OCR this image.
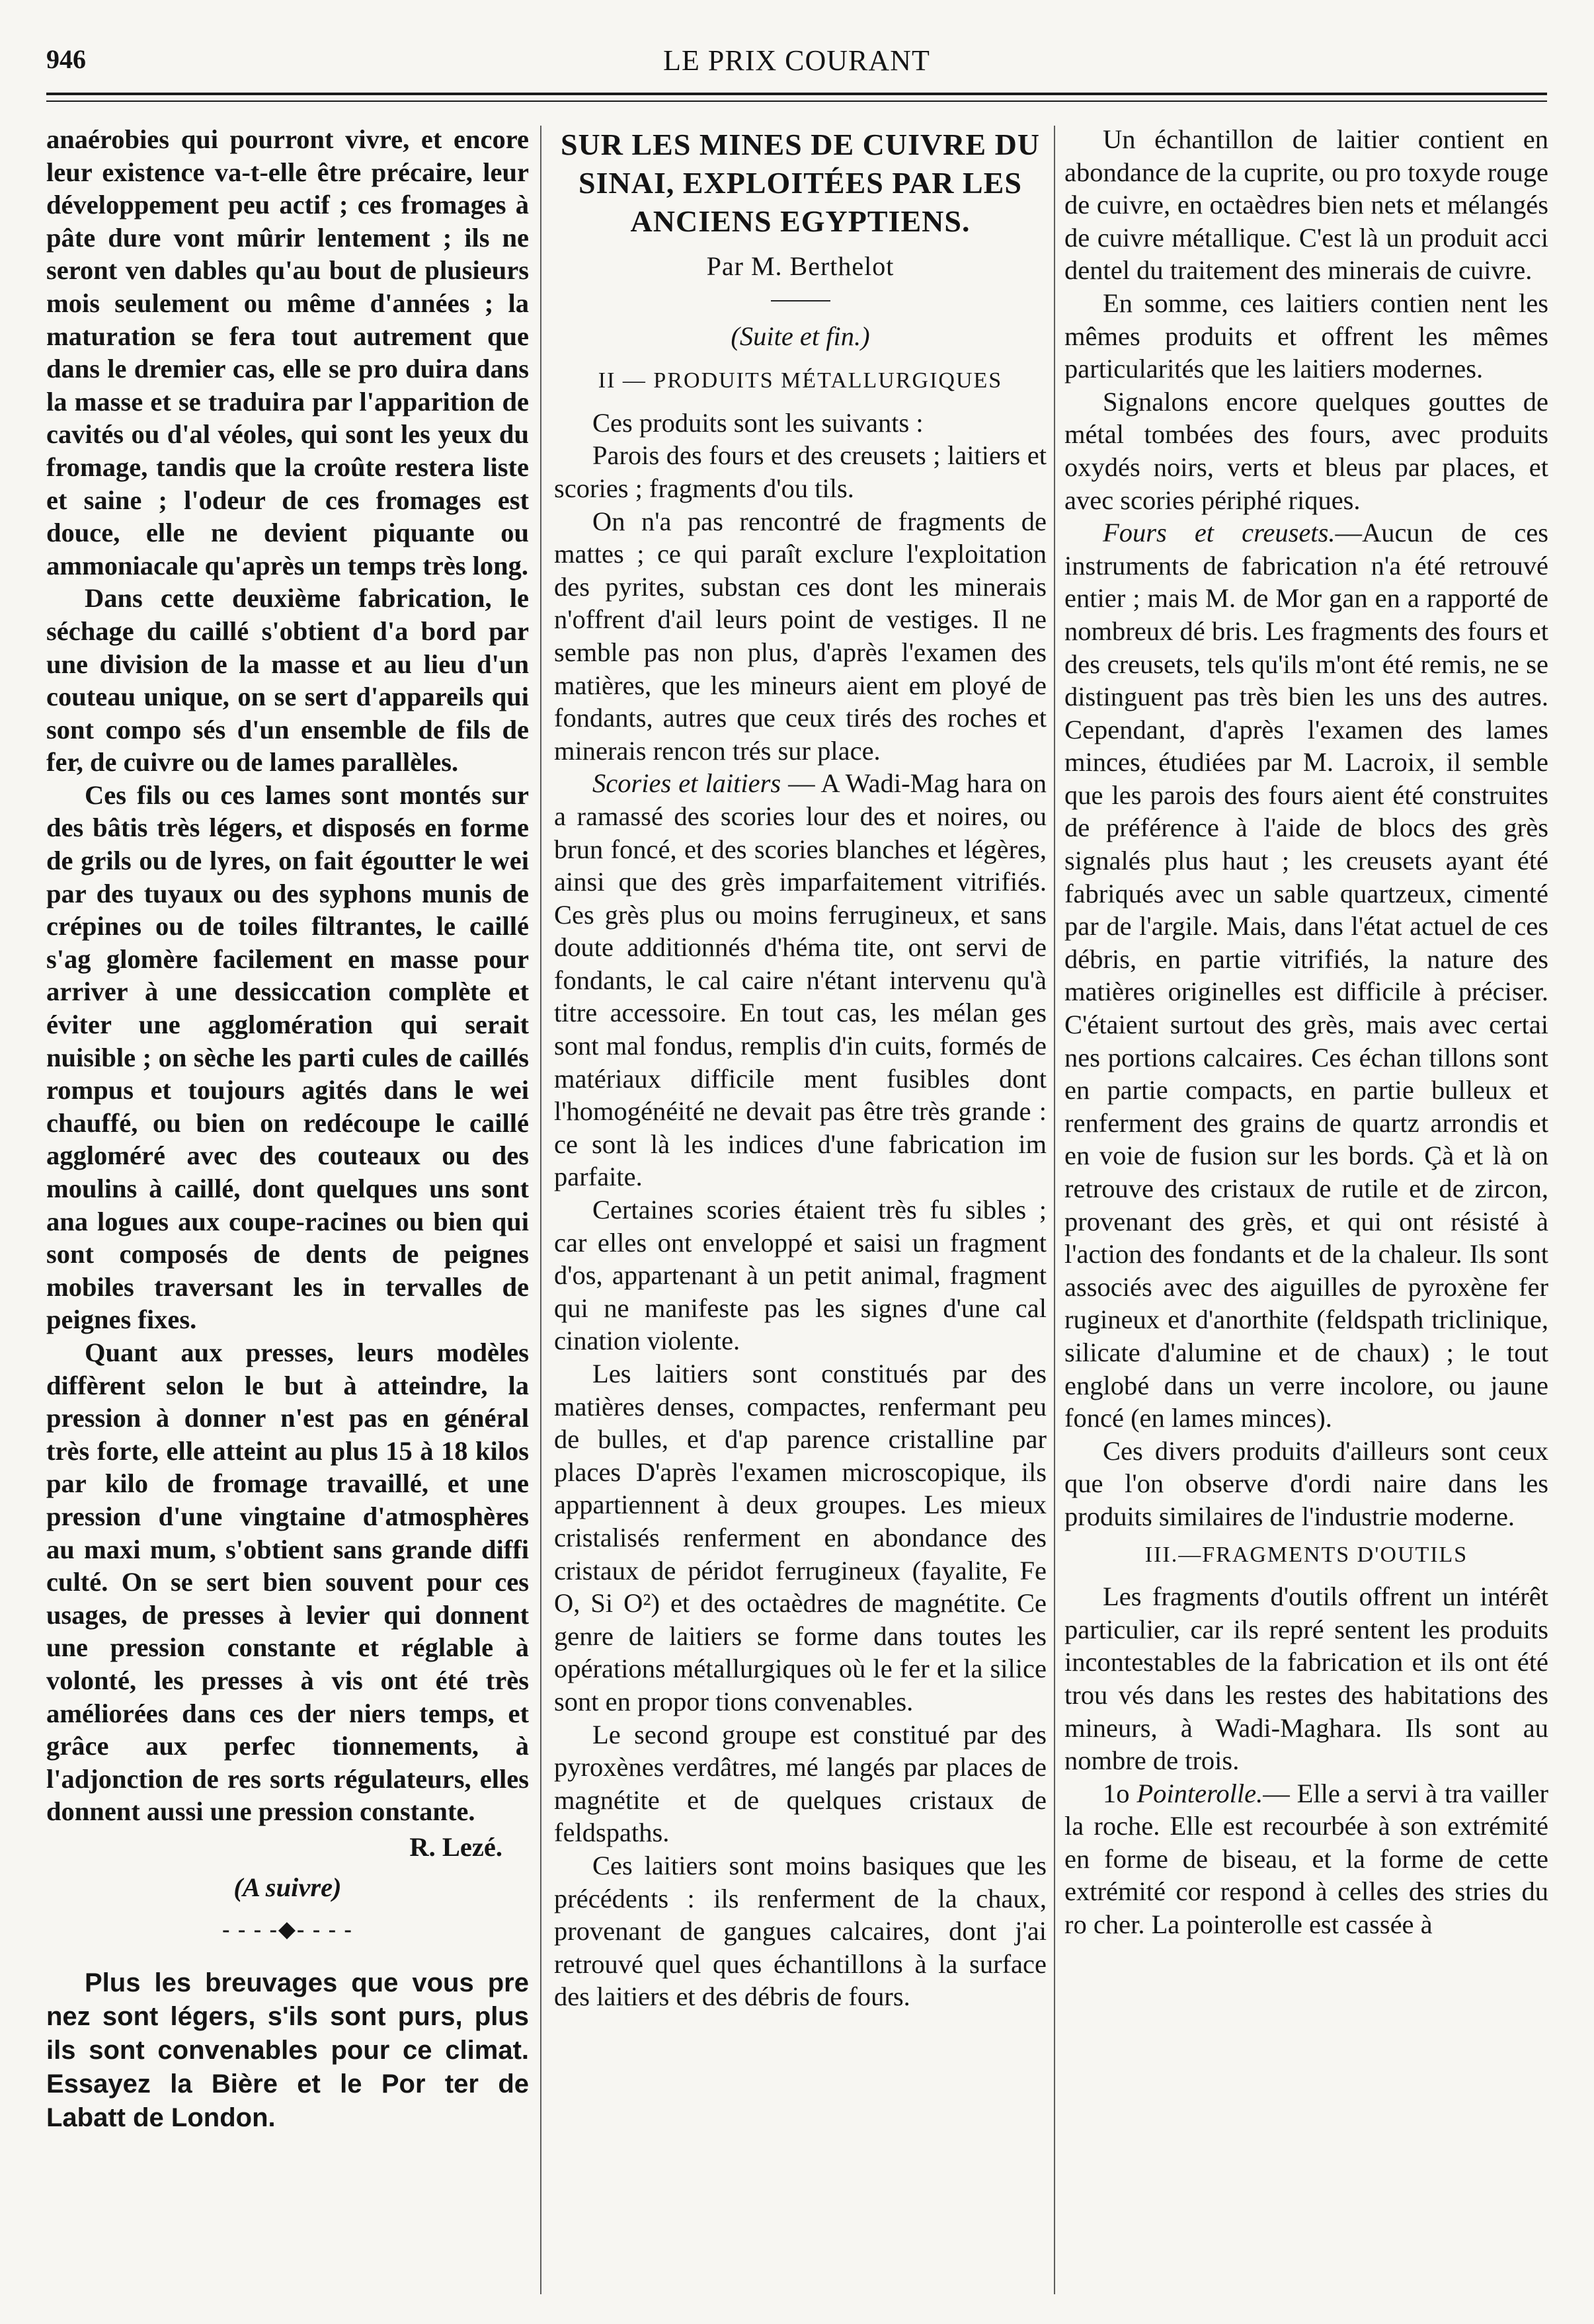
946	LE PRIX COURANT

anaérobies qui pourront vivre, et encore leur existence va-t-elle être précaire, leur développement peu actif ; ces fromages à pâte dure vont mûrir lentement ; ils ne seront ven dables qu'au bout de plusieurs mois seulement ou même d'années ; la maturation se fera tout autrement que dans le dremier cas, elle se pro duira dans la masse et se traduira par l'apparition de cavités ou d'al véoles, qui sont les yeux du fromage, tandis que la croûte restera liste et saine ; l'odeur de ces fromages est douce, elle ne devient piquante ou ammoniacale qu'après un temps très long.

Dans cette deuxième fabrication, le séchage du caillé s'obtient d'a bord par une division de la masse et au lieu d'un couteau unique, on se sert d'appareils qui sont compo sés d'un ensemble de fils de fer, de cuivre ou de lames parallèles.

Ces fils ou ces lames sont montés sur des bâtis très légers, et disposés en forme de grils ou de lyres, on fait égoutter le wei par des tuyaux ou des syphons munis de crépines ou de toiles filtrantes, le caillé s'ag glomère facilement en masse pour arriver à une dessiccation complète et éviter une agglomération qui serait nuisible ; on sèche les parti cules de caillés rompus et toujours agités dans le wei chauffé, ou bien on redécoupe le caillé aggloméré avec des couteaux ou des moulins à caillé, dont quelques uns sont ana logues aux coupe-racines ou bien qui sont composés de dents de peignes mobiles traversant les in tervalles de peignes fixes.

Quant aux presses, leurs modèles diffèrent selon le but à atteindre, la pression à donner n'est pas en général très forte, elle atteint au plus 15 à 18 kilos par kilo de fromage travaillé, et une pression d'une vingtaine d'atmosphères au maxi mum, s'obtient sans grande diffi culté. On se sert bien souvent pour ces usages, de presses à levier qui donnent une pression constante et réglable à volonté, les presses à vis ont été très améliorées dans ces der niers temps, et grâce aux perfec tionnements, à l'adjonction de res sorts régulateurs, elles donnent aussi une pression constante.

R. Lezé.
(A suivre)
- - - -◆- - - -

Plus les breuvages que vous pre nez sont légers, s'ils sont purs, plus ils sont convenables pour ce climat. Essayez la Bière et le Por ter de Labatt de London.

SUR LES MINES DE CUIVRE DU SINAI, EXPLOITÉES PAR LES ANCIENS EGYPTIENS.
Par M. Berthelot
(Suite et fin.)
II — PRODUITS MÉTALLURGIQUES

Ces produits sont les suivants :

Parois des fours et des creusets ; laitiers et scories ; fragments d'ou tils.

On n'a pas rencontré de fragments de mattes ; ce qui paraît exclure l'exploitation des pyrites, substan ces dont les minerais n'offrent d'ail leurs point de vestiges. Il ne semble pas non plus, d'après l'examen des matières, que les mineurs aient em ployé de fondants, autres que ceux tirés des roches et minerais rencon trés sur place.

Scories et laitiers — A Wadi-Mag hara on a ramassé des scories lour des et noires, ou brun foncé, et des scories blanches et légères, ainsi que des grès imparfaitement vitrifiés. Ces grès plus ou moins ferrugineux, et sans doute additionnés d'héma tite, ont servi de fondants, le cal caire n'étant intervenu qu'à titre accessoire. En tout cas, les mélan ges sont mal fondus, remplis d'in cuits, formés de matériaux difficile ment fusibles dont l'homogénéité ne devait pas être très grande : ce sont là les indices d'une fabrication im parfaite.

Certaines scories étaient très fu sibles ; car elles ont enveloppé et saisi un fragment d'os, appartenant à un petit animal, fragment qui ne manifeste pas les signes d'une cal cination violente.

Les laitiers sont constitués par des matières denses, compactes, renfermant peu de bulles, et d'ap parence cristalline par places D'après l'examen microscopique, ils appartiennent à deux groupes. Les mieux cristalisés renferment en abondance des cristaux de péridot ferrugineux (fayalite, Fe O, Si O²) et des octaèdres de magnétite. Ce genre de laitiers se forme dans toutes les opérations métallurgiques où le fer et la silice sont en propor tions convenables.

Le second groupe est constitué par des pyroxènes verdâtres, mé langés par places de magnétite et de quelques cristaux de feldspaths.

Ces laitiers sont moins basiques que les précédents : ils renferment de la chaux, provenant de gangues calcaires, dont j'ai retrouvé quel ques échantillons à la surface des laitiers et des débris de fours.

Un échantillon de laitier contient en abondance de la cuprite, ou pro toxyde rouge de cuivre, en octaèdres bien nets et mélangés de cuivre métallique. C'est là un produit acci dentel du traitement des minerais de cuivre.

En somme, ces laitiers contien nent les mêmes produits et offrent les mêmes particularités que les laitiers modernes.

Signalons encore quelques gouttes de métal tombées des fours, avec produits oxydés noirs, verts et bleus par places, et avec scories périphé riques.

Fours et creusets.—Aucun de ces instruments de fabrication n'a été retrouvé entier ; mais M. de Mor gan en a rapporté de nombreux dé bris. Les fragments des fours et des creusets, tels qu'ils m'ont été remis, ne se distinguent pas très bien les uns des autres. Cependant, d'après l'examen des lames minces, étudiées par M. Lacroix, il semble que les parois des fours aient été construites de préférence à l'aide de blocs des grès signalés plus haut ; les creusets ayant été fabriqués avec un sable quartzeux, cimenté par de l'argile. Mais, dans l'état actuel de ces débris, en partie vitrifiés, la nature des matières originelles est difficile à préciser. C'étaient surtout des grès, mais avec certai nes portions calcaires. Ces échan tillons sont en partie compacts, en partie bulleux et renferment des grains de quartz arrondis et en voie de fusion sur les bords. Çà et là on retrouve des cristaux de rutile et de zircon, provenant des grès, et qui ont résisté à l'action des fondants et de la chaleur. Ils sont associés avec des aiguilles de pyroxène fer rugineux et d'anorthite (feldspath triclinique, silicate d'alumine et de chaux) ; le tout englobé dans un verre incolore, ou jaune foncé (en lames minces).

Ces divers produits d'ailleurs sont ceux que l'on observe d'ordi naire dans les produits similaires de l'industrie moderne.

III.—FRAGMENTS D'OUTILS

Les fragments d'outils offrent un intérêt particulier, car ils repré sentent les produits incontestables de la fabrication et ils ont été trou vés dans les restes des habitations des mineurs, à Wadi-Maghara. Ils sont au nombre de trois.

1o Pointerolle.— Elle a servi à tra vailler la roche. Elle est recourbée à son extrémité en forme de biseau, et la forme de cette extrémité cor respond à celles des stries du ro cher. La pointerolle est cassée à
